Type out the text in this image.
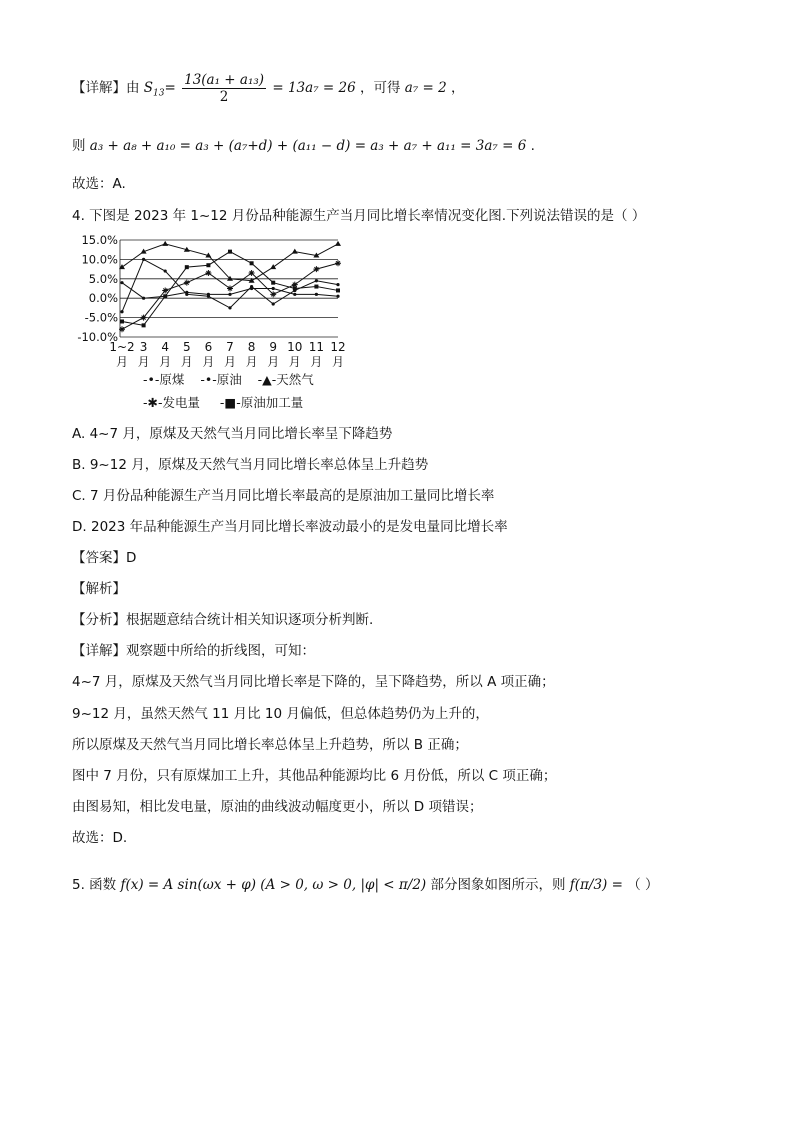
【详解】由 $S_{13}= \frac{\text{13(a₁ + a₁₃)}}{2} = 13a_7 = 26$ ，可得 a₇ = 2 ，
则 a₃ + a₈ + a₁₀ = a₃ + (a₇+d) + (a₁₁ − d) = a₃ + a₇ + a₁₁ = 3a₇ = 6 .
故选：A.
4. 下图是 2023 年 1~12 月份品种能源生产当月同比增长率情况变化图.下列说法错误的是（ ）
15.0%
10.0%
5.0%
0.0%
-5.0%
-10.0%
1~2
月
3
月
4
月
5
月
6
月
7
月
8
月
9
月
10
月
11
月
12
月
-•-原煤 -•-原油 -▲-天然气
-✱-发电量 -■-原油加工量
A. 4~7 月，原煤及天然气当月同比增长率呈下降趋势
B. 9~12 月，原煤及天然气当月同比增长率总体呈上升趋势
C. 7 月份品种能源生产当月同比增长率最高的是原油加工量同比增长率
D. 2023 年品种能源生产当月同比增长率波动最小的是发电量同比增长率
【答案】D
【解析】
【分析】根据题意结合统计相关知识逐项分析判断.
【详解】观察题中所给的折线图，可知：
4~7 月，原煤及天然气当月同比增长率是下降的，呈下降趋势，所以 A 项正确；
9~12 月，虽然天然气 11 月比 10 月偏低，但总体趋势仍为上升的，
所以原煤及天然气当月同比增长率总体呈上升趋势，所以 B 正确；
图中 7 月份，只有原煤加工上升，其他品种能源均比 6 月份低，所以 C 项正确；
由图易知，相比发电量，原油的曲线波动幅度更小，所以 D 项错误；
故选：D.
5. 函数 f(x) = A sin(ωx + φ) (A > 0, ω > 0, |φ| < π/2) 部分图象如图所示，则 f(π/3) = （ ）
